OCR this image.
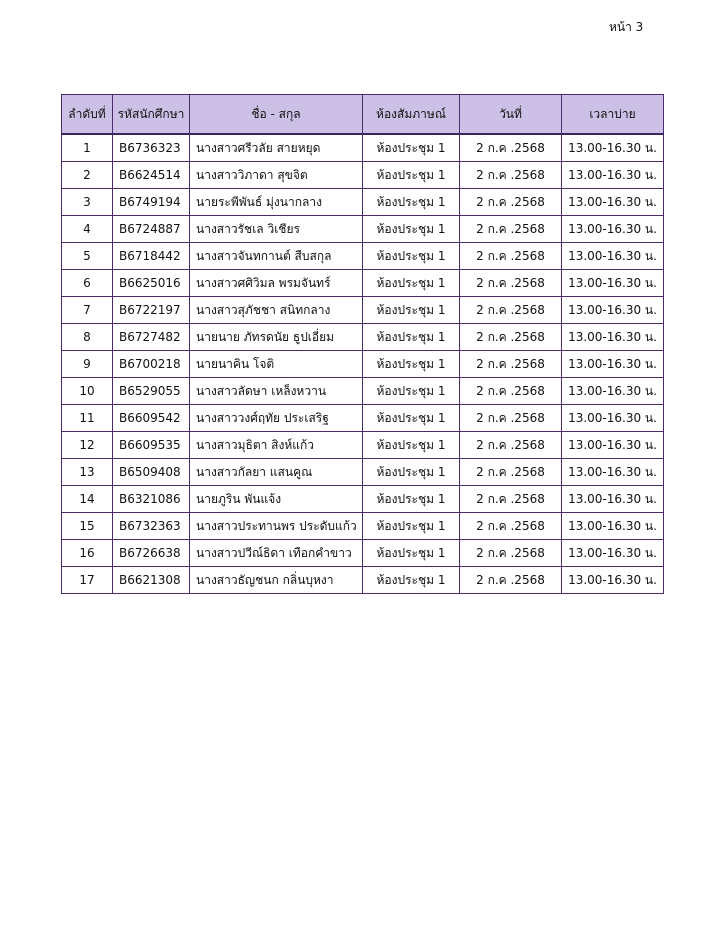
หน้า 3
ลำดับที่	รหัสนักศึกษา	ชื่อ - สกุล	ห้องสัมภาษณ์	วันที่	เวลาบ่าย
1	B6736323	นางสาวศรีวลัย สายหยุด	ห้องประชุม 1	2 ก.ค .2568	13.00-16.30 น.
2	B6624514	นางสาววิภาดา สุขจิต	ห้องประชุม 1	2 ก.ค .2568	13.00-16.30 น.
3	B6749194	นายระพีพันธ์ มุ่งนากลาง	ห้องประชุม 1	2 ก.ค .2568	13.00-16.30 น.
4	B6724887	นางสาวรัชเล วิเชียร	ห้องประชุม 1	2 ก.ค .2568	13.00-16.30 น.
5	B6718442	นางสาวจันทกานต์ สืบสกุล	ห้องประชุม 1	2 ก.ค .2568	13.00-16.30 น.
6	B6625016	นางสาวศศิวิมล พรมจันทร์	ห้องประชุม 1	2 ก.ค .2568	13.00-16.30 น.
7	B6722197	นางสาวสุภัชชา สนิทกลาง	ห้องประชุม 1	2 ก.ค .2568	13.00-16.30 น.
8	B6727482	นายนาย ภัทรดนัย ธูปเอี่ยม	ห้องประชุม 1	2 ก.ค .2568	13.00-16.30 น.
9	B6700218	นายนาคิน โจติ	ห้องประชุม 1	2 ก.ค .2568	13.00-16.30 น.
10	B6529055	นางสาวลัดษา เหล็งหวาน	ห้องประชุม 1	2 ก.ค .2568	13.00-16.30 น.
11	B6609542	นางสาววงศ์ฤทัย ประเสริฐ	ห้องประชุม 1	2 ก.ค .2568	13.00-16.30 น.
12	B6609535	นางสาวมุธิตา สิงห์แก้ว	ห้องประชุม 1	2 ก.ค .2568	13.00-16.30 น.
13	B6509408	นางสาวกัลยา แสนคูณ	ห้องประชุม 1	2 ก.ค .2568	13.00-16.30 น.
14	B6321086	นายภูริน พันแจ้ง	ห้องประชุม 1	2 ก.ค .2568	13.00-16.30 น.
15	B6732363	นางสาวประทานพร ประดับแก้ว	ห้องประชุม 1	2 ก.ค .2568	13.00-16.30 น.
16	B6726638	นางสาวปวีณ์ธิดา เทือกคำขาว	ห้องประชุม 1	2 ก.ค .2568	13.00-16.30 น.
17	B6621308	นางสาวธัญชนก กลิ่นบุหงา	ห้องประชุม 1	2 ก.ค .2568	13.00-16.30 น.
